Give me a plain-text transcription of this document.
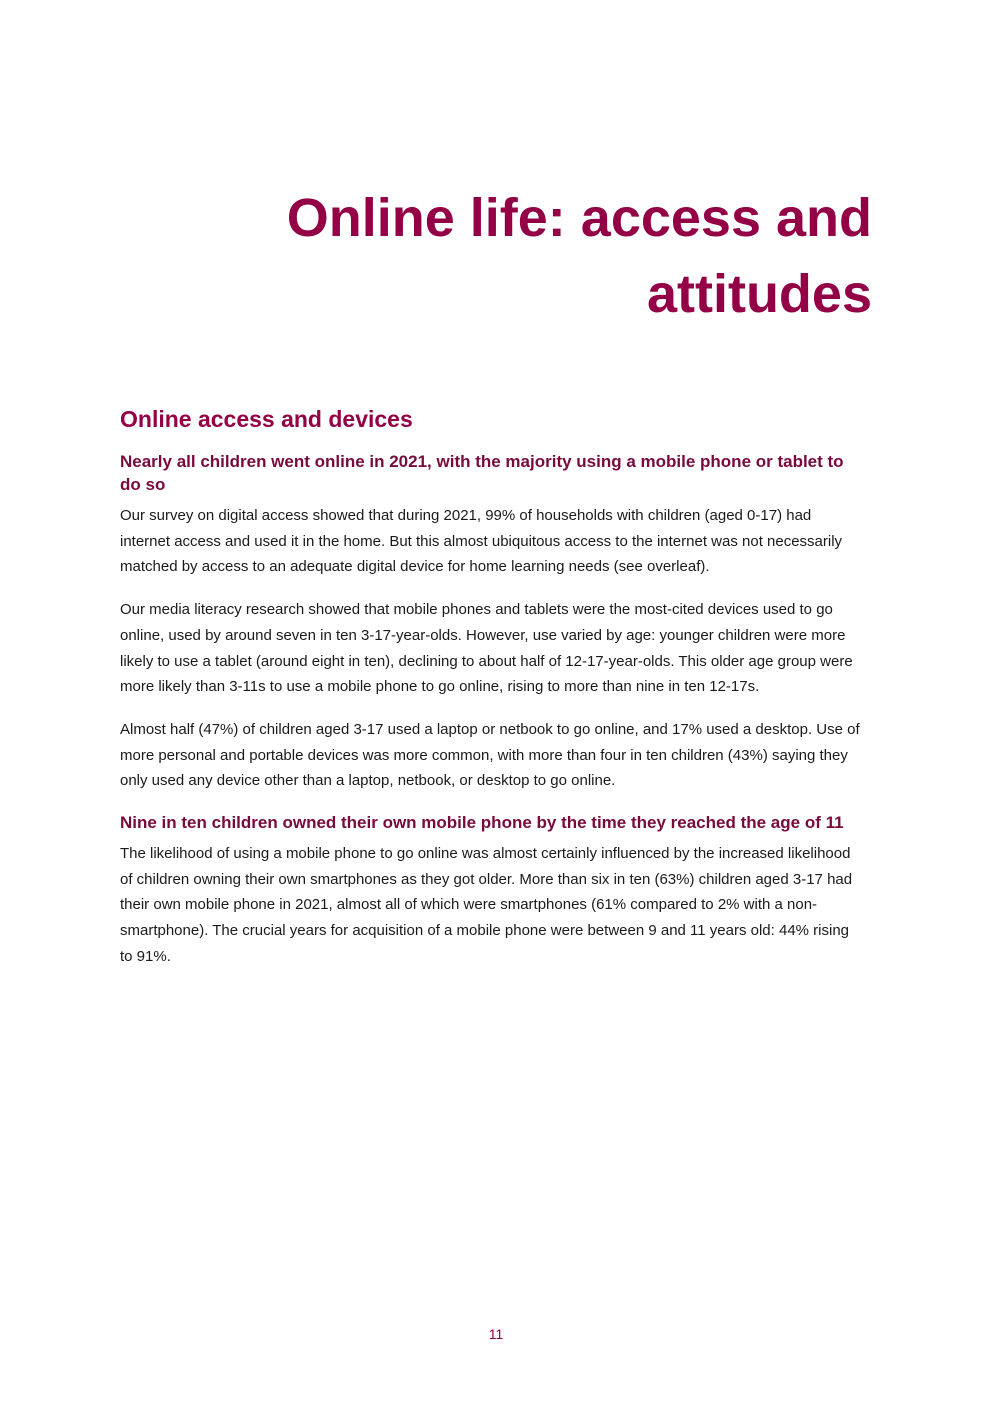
Online life: access and attitudes
Online access and devices
Nearly all children went online in 2021, with the majority using a mobile phone or tablet to do so

Our survey on digital access showed that during 2021, 99% of households with children (aged 0-17) had internet access and used it in the home. But this almost ubiquitous access to the internet was not necessarily matched by access to an adequate digital device for home learning needs (see overleaf).

Our media literacy research showed that mobile phones and tablets were the most-cited devices used to go online, used by around seven in ten 3-17-year-olds. However, use varied by age: younger children were more likely to use a tablet (around eight in ten), declining to about half of 12-17-year-olds. This older age group were more likely than 3-11s to use a mobile phone to go online, rising to more than nine in ten 12-17s.

Almost half (47%) of children aged 3-17 used a laptop or netbook to go online, and 17% used a desktop. Use of more personal and portable devices was more common, with more than four in ten children (43%) saying they only used any device other than a laptop, netbook, or desktop to go online.

Nine in ten children owned their own mobile phone by the time they reached the age of 11

The likelihood of using a mobile phone to go online was almost certainly influenced by the increased likelihood of children owning their own smartphones as they got older. More than six in ten (63%) children aged 3-17 had their own mobile phone in 2021, almost all of which were smartphones (61% compared to 2% with a non-smartphone). The crucial years for acquisition of a mobile phone were between 9 and 11 years old: 44% rising to 91%.

11
